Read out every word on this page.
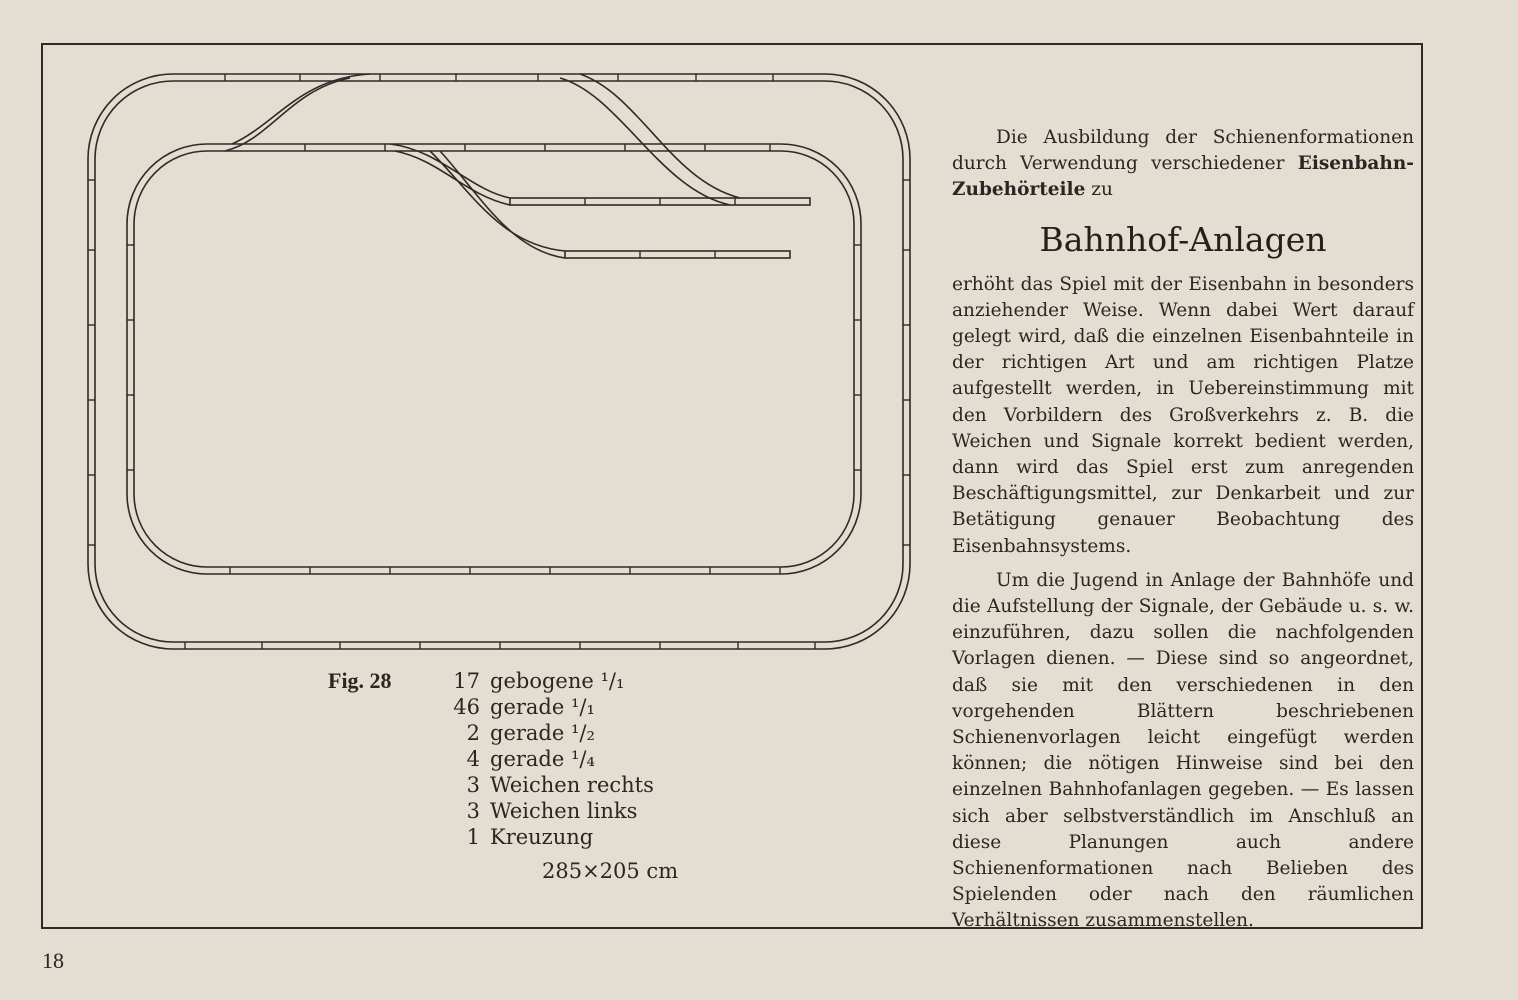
Fig. 28	17 gebogene ¹/₁
46 gerade ¹/₁
2 gerade ¹/₂
4 gerade ¹/₄
3 Weichen rechts
3 Weichen links
1 Kreuzung
285×205 cm

Die Ausbildung der Schienenformationen durch Verwendung verschiedener Eisenbahn-Zubehörteile zu

Bahnhof-Anlagen

erhöht das Spiel mit der Eisenbahn in besonders anziehender Weise. Wenn dabei Wert darauf gelegt wird, daß die einzelnen Eisenbahnteile in der richtigen Art und am richtigen Platze aufgestellt werden, in Uebereinstimmung mit den Vorbildern des Großverkehrs z. B. die Weichen und Signale korrekt bedient werden, dann wird das Spiel erst zum anregenden Beschäftigungsmittel, zur Denkarbeit und zur Betätigung genauer Beobachtung des Eisenbahnsystems.

Um die Jugend in Anlage der Bahnhöfe und die Aufstellung der Signale, der Gebäude u. s. w. einzuführen, dazu sollen die nachfolgenden Vorlagen dienen. — Diese sind so angeordnet, daß sie mit den verschiedenen in den vorgehenden Blättern beschriebenen Schienenvorlagen leicht eingefügt werden können; die nötigen Hinweise sind bei den einzelnen Bahnhofanlagen gegeben. — Es lassen sich aber selbstverständlich im Anschluß an diese Planungen auch andere Schienenformationen nach Belieben des Spielenden oder nach den räumlichen Verhältnissen zusammenstellen.

18
